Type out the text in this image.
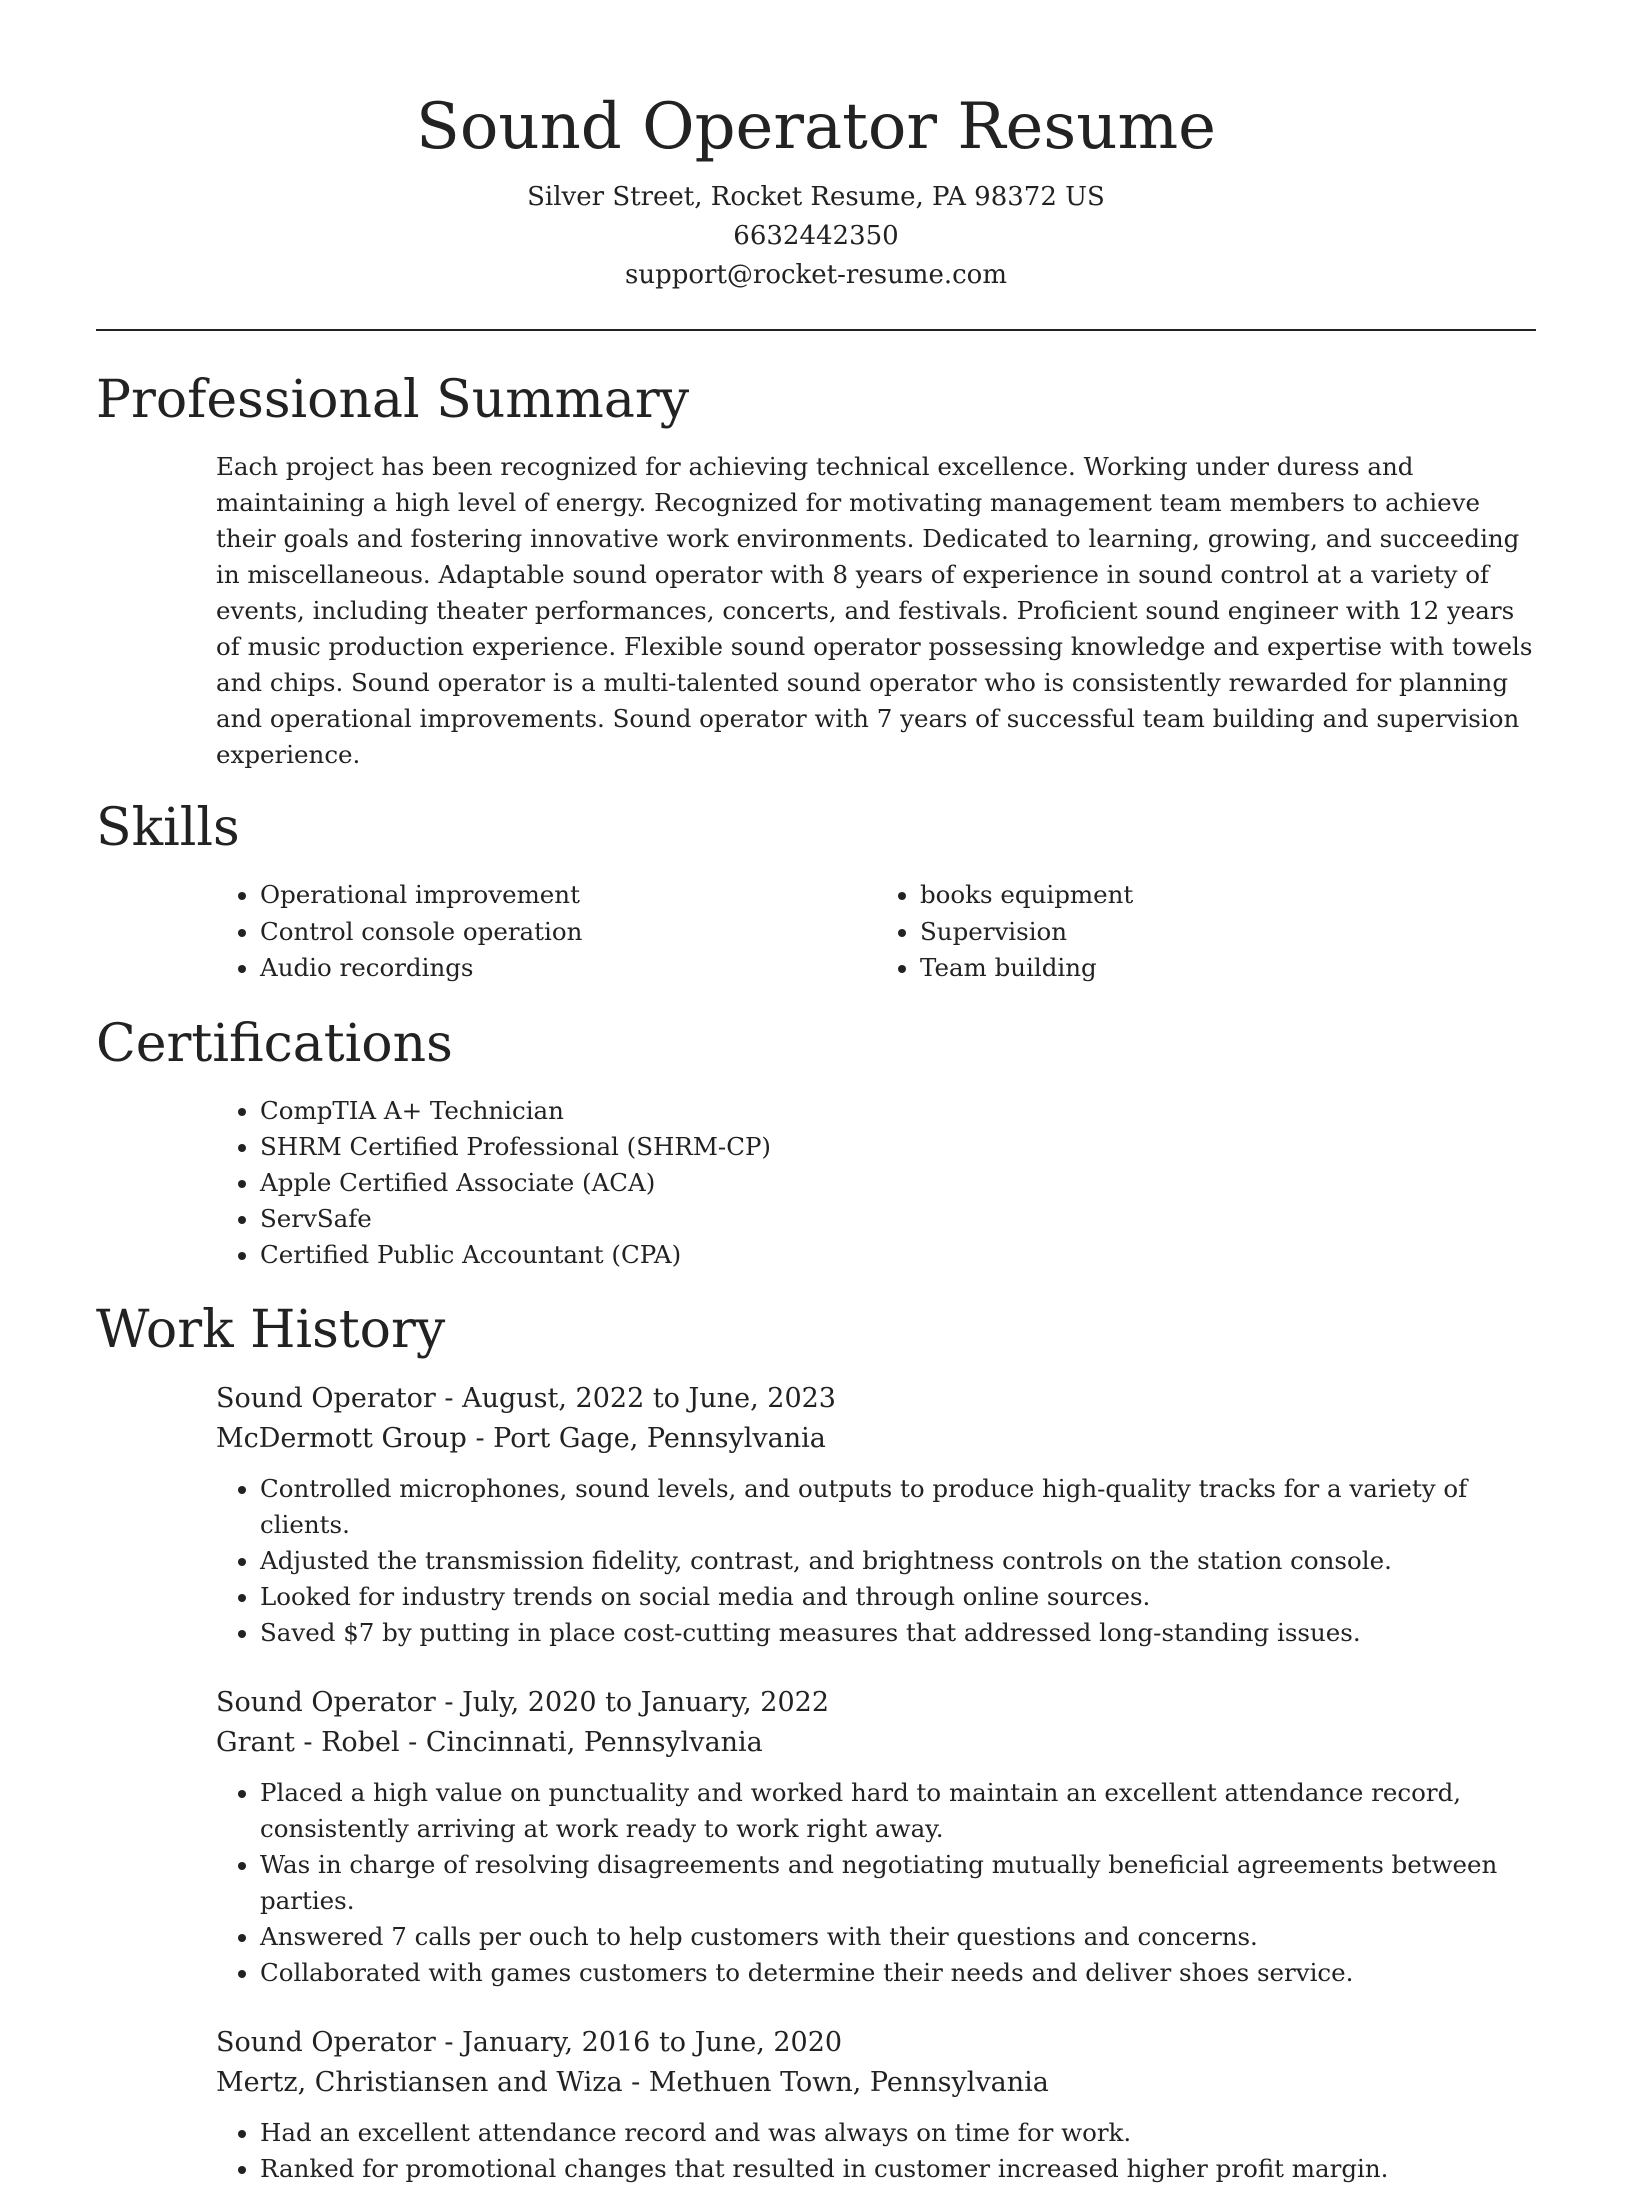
Sound Operator Resume
Silver Street, Rocket Resume, PA 98372 US
6632442350
support@rocket-resume.com
Professional Summary

Each project has been recognized for achieving technical excellence. Working under duress and maintaining a high level of energy. Recognized for motivating management team members to achieve their goals and fostering innovative work environments. Dedicated to learning, growing, and succeeding in miscellaneous. Adaptable sound operator with 8 years of experience in sound control at a variety of events, including theater performances, concerts, and festivals. Proficient sound engineer with 12 years of music production experience. Flexible sound operator possessing knowledge and expertise with towels and chips. Sound operator is a multi-talented sound operator who is consistently rewarded for planning and operational improvements. Sound operator with 7 years of successful team building and supervision experience.

Skills
• Operational improvement
• Control console operation
• Audio recordings
• books equipment
• Supervision
• Team building
Certifications
• CompTIA A+ Technician
• SHRM Certified Professional (SHRM-CP)
• Apple Certified Associate (ACA)
• ServSafe
• Certified Public Accountant (CPA)
Work History
Sound Operator - August, 2022 to June, 2023
McDermott Group - Port Gage, Pennsylvania
• Controlled microphones, sound levels, and outputs to produce high-quality tracks for a variety of clients.
• Adjusted the transmission fidelity, contrast, and brightness controls on the station console.
• Looked for industry trends on social media and through online sources.
• Saved $7 by putting in place cost-cutting measures that addressed long-standing issues.
Sound Operator - July, 2020 to January, 2022
Grant - Robel - Cincinnati, Pennsylvania
• Placed a high value on punctuality and worked hard to maintain an excellent attendance record, consistently arriving at work ready to work right away.
• Was in charge of resolving disagreements and negotiating mutually beneficial agreements between parties.
• Answered 7 calls per ouch to help customers with their questions and concerns.
• Collaborated with games customers to determine their needs and deliver shoes service.
Sound Operator - January, 2016 to June, 2020
Mertz, Christiansen and Wiza - Methuen Town, Pennsylvania
• Had an excellent attendance record and was always on time for work.
• Ranked for promotional changes that resulted in customer increased higher profit margin.
